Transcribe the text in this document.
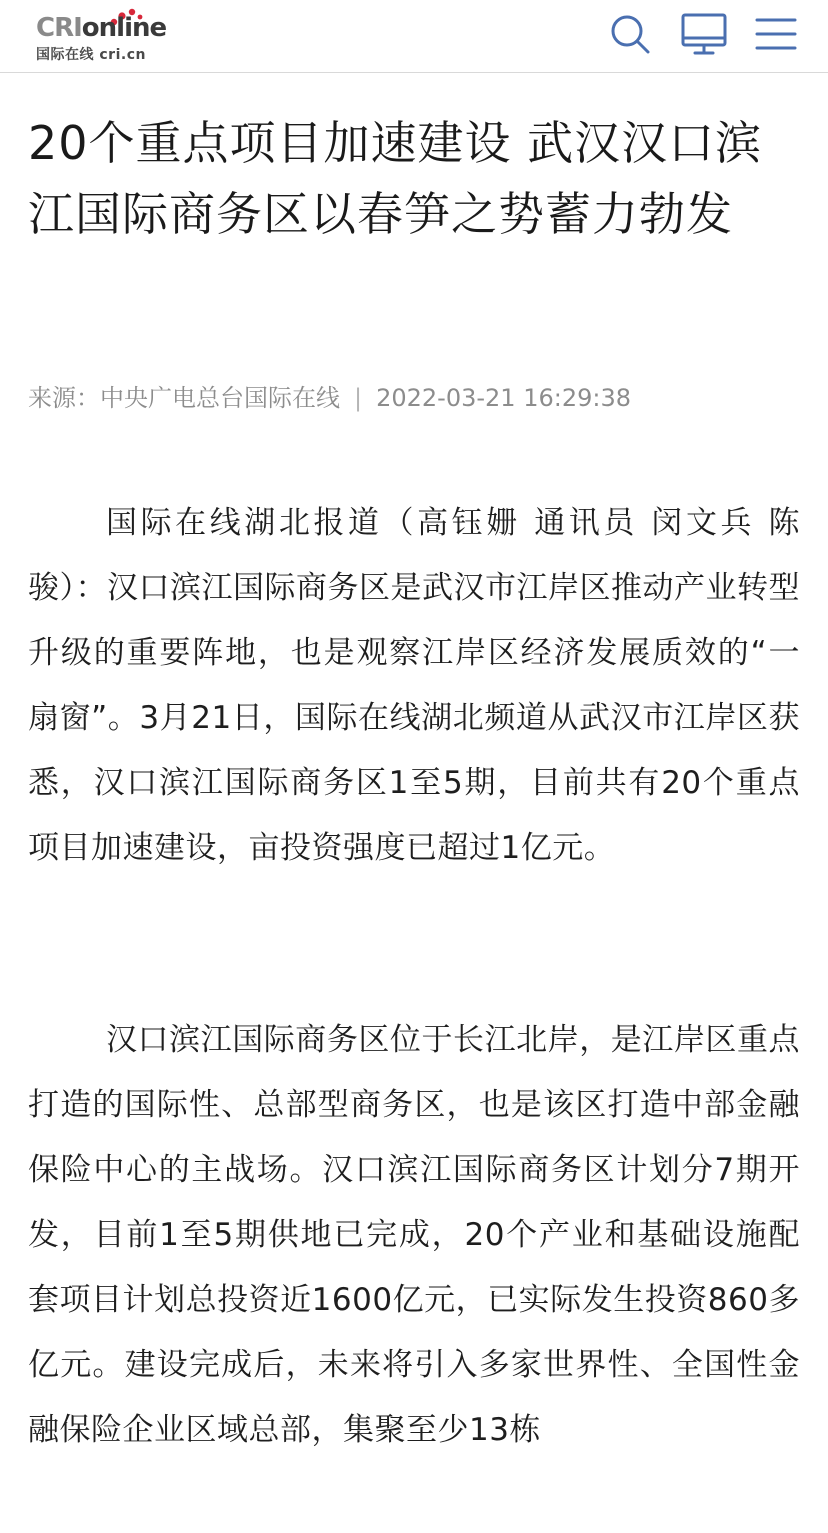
CRIonline
国际在线 cri.cn
20个重点项目加速建设 武汉汉口滨江国际商务区以春笋之势蓄力勃发
来源：中央广电总台国际在线 | 2022-03-21 16:29:38

国际在线湖北报道（高钰姗 通讯员 闵文兵 陈骏）：汉口滨江国际商务区是武汉市江岸区推动产业转型升级的重要阵地，也是观察江岸区经济发展质效的“一扇窗”。3月21日，国际在线湖北频道从武汉市江岸区获悉，汉口滨江国际商务区1至5期，目前共有20个重点项目加速建设，亩投资强度已超过1亿元。

汉口滨江国际商务区位于长江北岸，是江岸区重点打造的国际性、总部型商务区，也是该区打造中部金融保险中心的主战场。汉口滨江国际商务区计划分7期开发，目前1至5期供地已完成，20个产业和基础设施配套项目计划总投资近1600亿元，已实际发生投资860多亿元。建设完成后，未来将引入多家世界性、全国性金融保险企业区域总部，集聚至少13栋
